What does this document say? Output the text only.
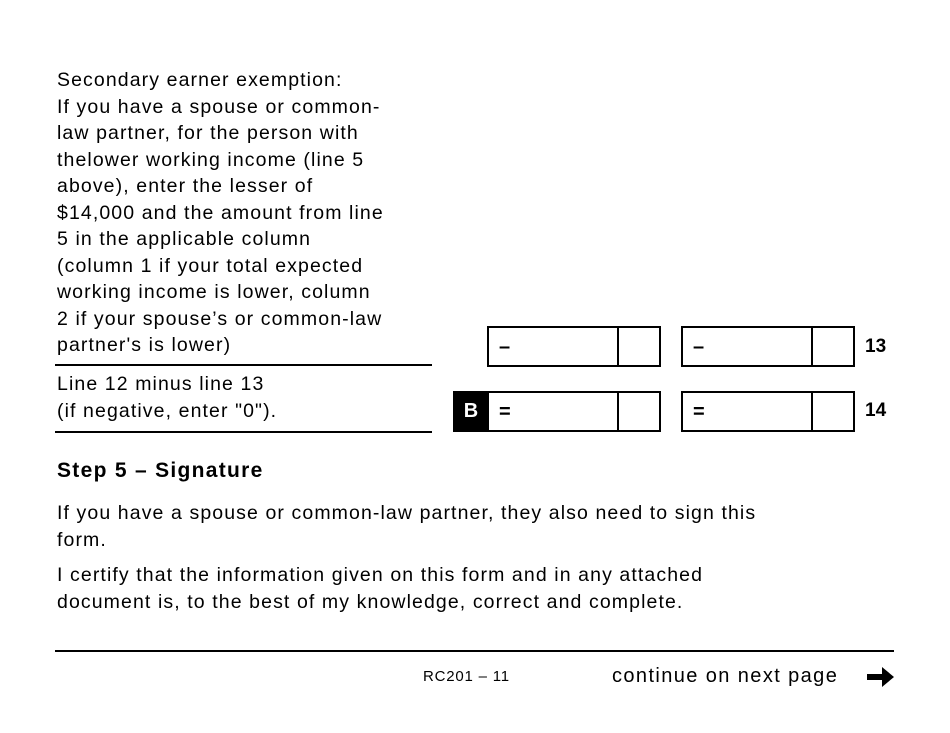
Secondary earner exemption:
If you have a spouse or common-
law partner, for the person with
thelower working income (line 5
above), enter the lesser of
$14,000 and the amount from line
5 in the applicable column
(column 1 if your total expected
working income is lower, column
2 if your spouse’s or common-law
partner's is lower)
Line 12 minus line 13
(if negative, enter "0").
–	–	13
B	=	=	14
Step 5 – Signature
If you have a spouse or common-law partner, they also need to sign this
form.
I certify that the information given on this form and in any attached
document is, to the best of my knowledge, correct and complete.
RC201 – 11	continue on next page
